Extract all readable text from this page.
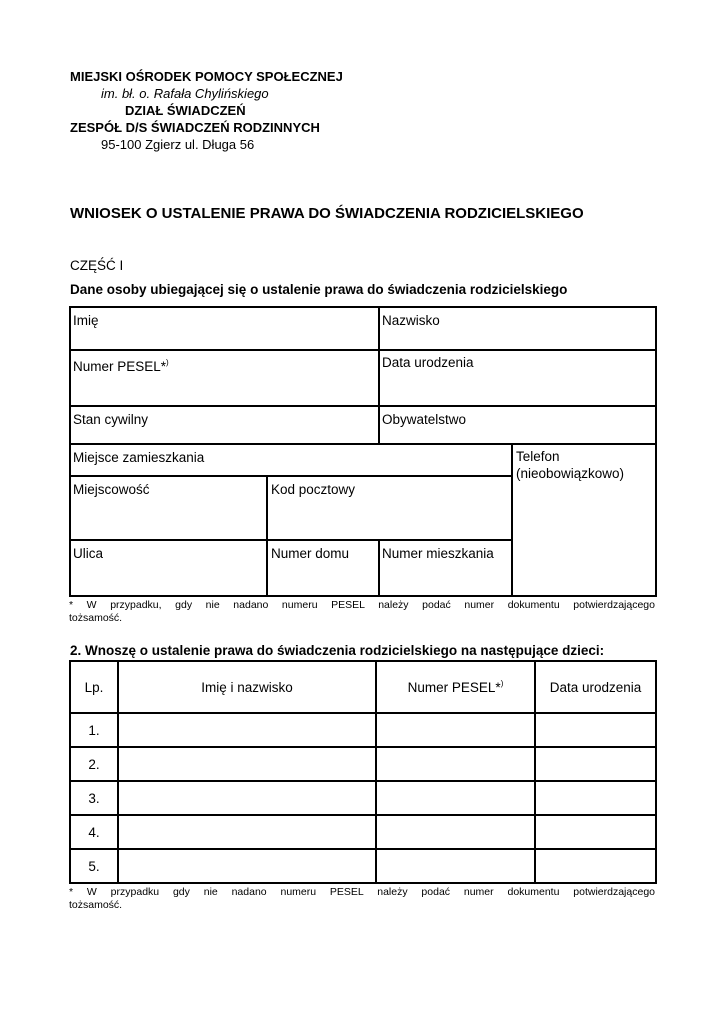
MIEJSKI OŚRODEK POMOCY SPOŁECZNEJ
im. bł. o. Rafała Chylińskiego
DZIAŁ ŚWIADCZEŃ
ZESPÓŁ D/S ŚWIADCZEŃ RODZINNYCH
95-100 Zgierz ul. Długa 56
WNIOSEK O USTALENIE PRAWA DO ŚWIADCZENIA RODZICIELSKIEGO
CZĘŚĆ I
Dane osoby ubiegającej się o ustalenie prawa do świadczenia rodzicielskiego
Imię	Nazwisko
Numer PESEL*)	Data urodzenia
Stan cywilny	Obywatelstwo
Miejsce zamieszkania	Telefon
(nieobowiązkowo)
Miejscowość	Kod pocztowy
Ulica	Numer domu Numer mieszkania
* W przypadku, gdy nie nadano numeru PESEL należy podać numer dokumentu potwierdzającego
tożsamość.
2. Wnoszę o ustalenie prawa do świadczenia rodzicielskiego na następujące dzieci:
Lp.	Imię i nazwisko	Numer PESEL*)	Data urodzenia
1.			
2.			
3.			
4.			
5.			
* W przypadku gdy nie nadano numeru PESEL należy podać numer dokumentu potwierdzającego
tożsamość.
